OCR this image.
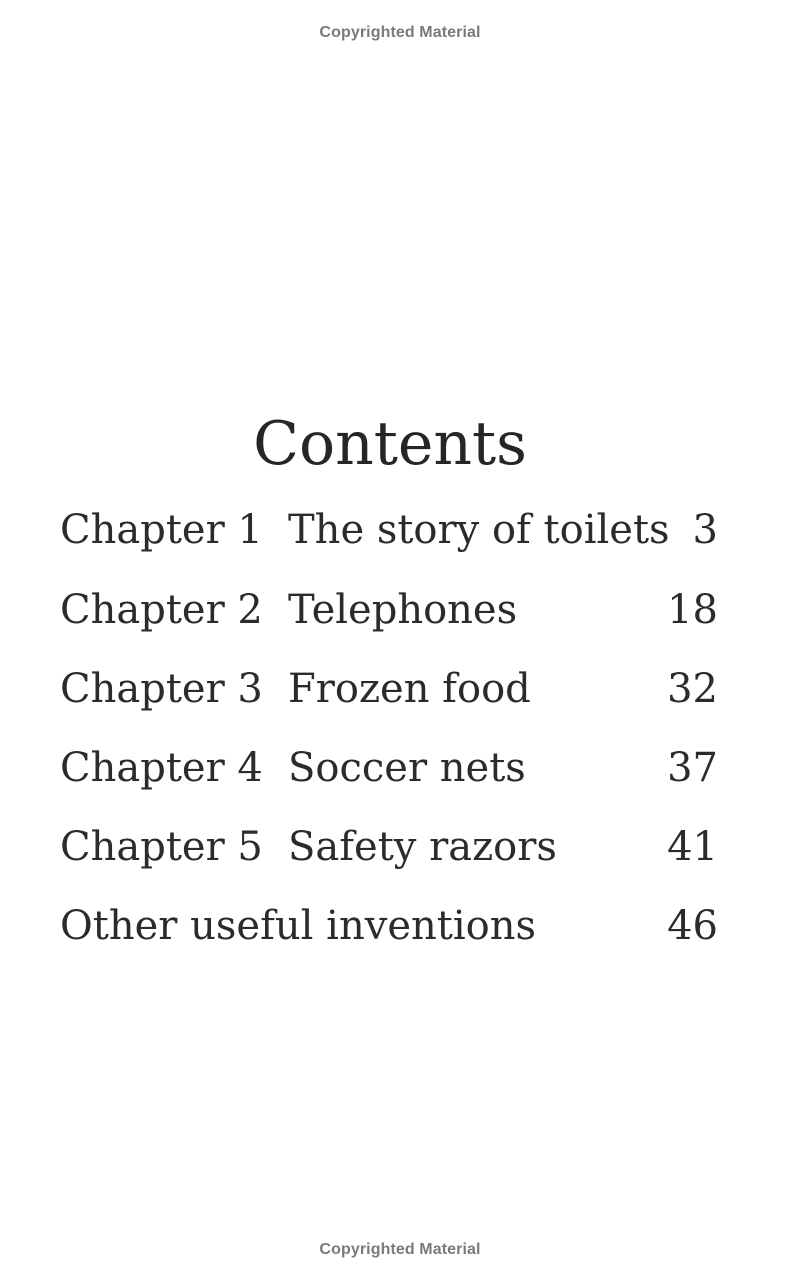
Copyrighted Material
Contents
Chapter 1 The story of toilets 3
Chapter 2 Telephones	18
Chapter 3 Frozen food	32
Chapter 4 Soccer nets	37
Chapter 5 Safety razors	41
Other useful inventions	46
Copyrighted Material
